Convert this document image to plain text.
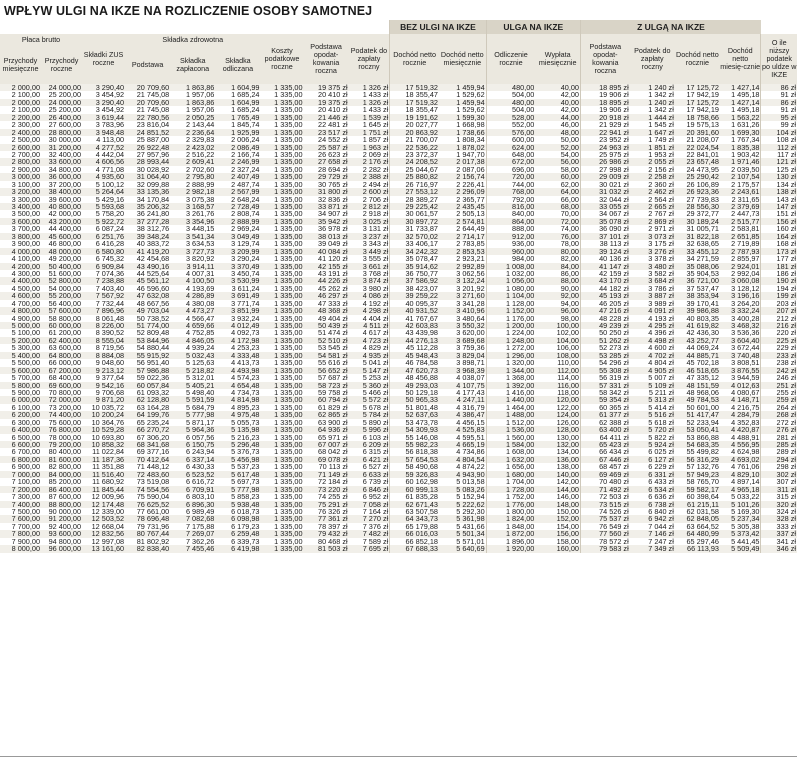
WPŁYW ULGI NA IKZE NA ROZLICZENIE OSOBY SAMOTNEJ
									BEZ ULGI NA IKZE		ULGA NA IKZE		Z ULGĄ NA IKZE				
Płaca brutto		Składki ZUS roczne	Składka zdrowotna			Koszty podatkowe roczne	Podstawa opodat-kowania roczna	Podatek do zapłaty roczny	Dochód netto rocznie	Dochód netto miesięcznie	Odliczenie rocznie	Wypłata miesięcznie	Podstawa opodat-kowania roczna	Podatek do zapłaty roczny	Dochód netto rocznie	Dochód netto miesię-cznie	O ile niższy podatek po uldze w IKZE
Przychody miesięczne	Przychody roczne		Podstawa	Składka zapłacona	Składka odliczana												
2 000,00	24 000,00	3 290,40	20 709,60	1 863,86	1 604,99	1 335,00	19 375 zł	1 326 zł	17 519,32	1 459,94	480,00	40,00	18 895 zł	1 240 zł	17 125,72	1 427,14	86 zł
2 100,00	25 200,00	3 454,92	21 745,08	1 957,06	1 685,24	1 335,00	20 410 zł	1 433 zł	18 355,47	1 529,62	504,00	42,00	19 906 zł	1 342 zł	17 942,19	1 495,18	91 zł
2 000,00	24 000,00	3 290,40	20 709,60	1 863,86	1 604,99	1 335,00	19 375 zł	1 326 zł	17 519,32	1 459,94	480,00	40,00	18 895 zł	1 240 zł	17 125,72	1 427,14	86 zł
2 100,00	25 200,00	3 454,92	21 745,08	1 957,06	1 685,24	1 335,00	20 410 zł	1 433 zł	18 355,47	1 529,62	504,00	42,00	19 906 zł	1 342 zł	17 942,19	1 495,18	91 zł
2 200,00	26 400,00	3 619,44	22 780,56	2 050,25	1 765,49	1 335,00	21 446 zł	1 539 zł	19 191,62	1 599,30	528,00	44,00	20 918 zł	1 444 zł	18 758,66	1 563,22	95 zł
2 300,00	27 600,00	3 783,96	23 816,04	2 143,44	1 845,74	1 335,00	22 481 zł	1 645 zł	20 027,77	1 668,98	552,00	46,00	21 929 zł	1 545 zł	19 575,13	1 631,26	99 zł
2 400,00	28 800,00	3 948,48	24 851,52	2 236,64	1 925,99	1 335,00	23 517 zł	1 751 zł	20 863,92	1 738,66	576,00	48,00	22 941 zł	1 647 zł	20 391,60	1 699,30	104 zł
2 500,00	30 000,00	4 113,00	25 887,00	2 329,83	2 006,24	1 335,00	24 552 zł	1 857 zł	21 700,07	1 808,34	600,00	50,00	23 952 zł	1 749 zł	21 208,07	1 767,34	108 zł
2 600,00	31 200,00	4 277,52	26 922,48	2 423,02	2 086,49	1 335,00	25 587 zł	1 963 zł	22 536,22	1 878,02	624,00	52,00	24 963 zł	1 851 zł	22 024,54	1 835,38	112 zł
2 700,00	32 400,00	4 442,04	27 957,96	2 516,22	2 166,74	1 335,00	26 623 zł	2 069 zł	23 372,37	1 947,70	648,00	54,00	25 975 zł	1 953 zł	22 841,01	1 903,42	117 zł
2 800,00	33 600,00	4 606,56	28 993,44	2 609,41	2 246,99	1 335,00	27 658 zł	2 176 zł	24 208,52	2 017,38	672,00	56,00	26 986 zł	2 055 zł	23 657,48	1 971,46	121 zł
2 900,00	34 800,00	4 771,08	30 028,92	2 702,60	2 327,24	1 335,00	28 694 zł	2 282 zł	25 044,67	2 087,06	696,00	58,00	27 998 zł	2 156 zł	24 473,95	2 039,50	125 zł
3 000,00	36 000,00	4 935,60	31 064,40	2 795,80	2 407,49	1 335,00	29 729 zł	2 388 zł	25 880,82	2 156,74	720,00	60,00	29 009 zł	2 258 zł	25 290,42	2 107,54	130 zł
3 100,00	37 200,00	5 100,12	32 099,88	2 888,99	2 487,74	1 335,00	30 765 zł	2 494 zł	26 716,97	2 226,41	744,00	62,00	30 021 zł	2 360 zł	26 106,89	2 175,57	134 zł
3 200,00	38 400,00	5 264,64	33 135,36	2 982,18	2 567,99	1 335,00	31 800 zł	2 600 zł	27 553,12	2 296,09	768,00	64,00	31 032 zł	2 462 zł	26 923,36	2 243,61	138 zł
3 300,00	39 600,00	5 429,16	34 170,84	3 075,38	2 648,24	1 335,00	32 836 zł	2 706 zł	28 389,27	2 365,77	792,00	66,00	32 044 zł	2 564 zł	27 739,83	2 311,65	143 zł
3 400,00	40 800,00	5 593,68	35 206,32	3 168,57	2 728,49	1 335,00	33 871 zł	2 812 zł	29 225,42	2 435,45	816,00	68,00	33 055 zł	2 665 zł	28 556,30	2 379,69	147 zł
3 500,00	42 000,00	5 758,20	36 241,80	3 261,76	2 808,74	1 335,00	34 907 zł	2 918 zł	30 061,57	2 505,13	840,00	70,00	34 067 zł	2 767 zł	29 372,77	2 447,73	151 zł
3 600,00	43 200,00	5 922,72	37 277,28	3 354,96	2 888,99	1 335,00	35 942 zł	3 025 zł	30 897,72	2 574,81	864,00	72,00	35 078 zł	2 869 zł	30 189,24	2 515,77	156 zł
3 700,00	44 400,00	6 087,24	38 312,76	3 448,15	2 969,24	1 335,00	36 978 zł	3 131 zł	31 733,87	2 644,49	888,00	74,00	36 090 zł	2 971 zł	31 005,71	2 583,81	160 zł
3 800,00	45 600,00	6 251,76	39 348,24	3 541,34	3 049,49	1 335,00	38 013 zł	3 237 zł	32 570,02	2 714,17	912,00	76,00	37 101 zł	3 073 zł	31 822,18	2 651,85	164 zł
3 900,00	46 800,00	6 416,28	40 383,72	3 634,53	3 129,74	1 335,00	39 049 zł	3 343 zł	33 406,17	2 783,85	936,00	78,00	38 113 zł	3 175 zł	32 638,65	2 719,89	168 zł
4 000,00	48 000,00	6 580,80	41 419,20	3 727,73	3 209,99	1 335,00	40 084 zł	3 449 zł	34 242,32	2 853,53	960,00	80,00	39 124 zł	3 276 zł	33 455,12	2 787,93	173 zł
4 100,00	49 200,00	6 745,32	42 454,68	3 820,92	3 290,24	1 335,00	41 120 zł	3 555 zł	35 078,47	2 923,21	984,00	82,00	40 136 zł	3 378 zł	34 271,59	2 855,97	177 zł
4 200,00	50 400,00	6 909,84	43 490,16	3 914,11	3 370,49	1 335,00	42 155 zł	3 661 zł	35 914,62	2 992,89	1 008,00	84,00	41 147 zł	3 480 zł	35 088,06	2 924,01	181 zł
4 300,00	51 600,00	7 074,36	44 525,64	4 007,31	3 450,74	1 335,00	43 191 zł	3 768 zł	36 750,77	3 062,56	1 032,00	86,00	42 159 zł	3 582 zł	35 904,53	2 992,04	186 zł
4 400,00	52 800,00	7 238,88	45 561,12	4 100,50	3 530,99	1 335,00	44 226 zł	3 874 zł	37 586,92	3 132,24	1 056,00	88,00	43 170 zł	3 684 zł	36 721,00	3 060,08	190 zł
4 500,00	54 000,00	7 403,40	46 596,60	4 193,69	3 611,24	1 335,00	45 262 zł	3 980 zł	38 423,07	3 201,92	1 080,00	90,00	44 182 zł	3 786 zł	37 537,47	3 128,12	194 zł
4 600,00	55 200,00	7 567,92	47 632,08	4 286,89	3 691,49	1 335,00	46 297 zł	4 086 zł	39 259,22	3 271,60	1 104,00	92,00	45 193 zł	3 887 zł	38 353,94	3 196,16	199 zł
4 700,00	56 400,00	7 732,44	48 667,56	4 380,08	3 771,74	1 335,00	47 333 zł	4 192 zł	40 095,37	3 341,28	1 128,00	94,00	46 205 zł	3 989 zł	39 170,41	3 264,20	203 zł
4 800,00	57 600,00	7 896,96	49 703,04	4 473,27	3 851,99	1 335,00	48 368 zł	4 298 zł	40 931,52	3 410,96	1 152,00	96,00	47 216 zł	4 091 zł	39 986,88	3 332,24	207 zł
4 900,00	58 800,00	8 061,48	50 738,52	4 566,47	3 932,24	1 335,00	49 404 zł	4 404 zł	41 767,67	3 480,64	1 176,00	98,00	48 228 zł	4 193 zł	40 803,35	3 400,28	212 zł
5 000,00	60 000,00	8 226,00	51 774,00	4 659,66	4 012,49	1 335,00	50 439 zł	4 511 zł	42 603,83	3 550,32	1 200,00	100,00	49 239 zł	4 295 zł	41 619,82	3 468,32	216 zł
5 100,00	61 200,00	8 390,52	52 809,48	4 752,85	4 092,73	1 335,00	51 474 zł	4 617 zł	43 439,98	3 620,00	1 224,00	102,00	50 250 zł	4 396 zł	42 436,30	3 536,36	220 zł
5 200,00	62 400,00	8 555,04	53 844,96	4 846,05	4 172,98	1 335,00	52 510 zł	4 723 zł	44 276,13	3 689,68	1 248,00	104,00	51 262 zł	4 498 zł	43 252,77	3 604,40	225 zł
5 300,00	63 600,00	8 719,56	54 880,44	4 939,24	4 253,23	1 335,00	53 545 zł	4 829 zł	45 112,28	3 759,36	1 272,00	106,00	52 273 zł	4 600 zł	44 069,24	3 672,44	229 zł
5 400,00	64 800,00	8 884,08	55 915,92	5 032,43	4 333,48	1 335,00	54 581 zł	4 935 zł	45 948,43	3 829,04	1 296,00	108,00	53 285 zł	4 702 zł	44 885,71	3 740,48	233 zł
5 500,00	66 000,00	9 048,60	56 951,40	5 125,63	4 413,73	1 335,00	55 616 zł	5 041 zł	46 784,58	3 898,71	1 320,00	110,00	54 296 zł	4 804 zł	45 702,18	3 808,51	238 zł
5 600,00	67 200,00	9 213,12	57 986,88	5 218,82	4 493,98	1 335,00	56 652 zł	5 147 zł	47 620,73	3 968,39	1 344,00	112,00	55 308 zł	4 905 zł	46 518,65	3 876,55	242 zł
5 700,00	68 400,00	9 377,64	59 022,36	5 312,01	4 574,23	1 335,00	57 687 zł	5 253 zł	48 456,88	4 038,07	1 368,00	114,00	56 319 zł	5 007 zł	47 335,12	3 944,59	246 zł
5 800,00	69 600,00	9 542,16	60 057,84	5 405,21	4 654,48	1 335,00	58 723 zł	5 360 zł	49 293,03	4 107,75	1 392,00	116,00	57 331 zł	5 109 zł	48 151,59	4 012,63	251 zł
5 900,00	70 800,00	9 706,68	61 093,32	5 498,40	4 734,73	1 335,00	59 758 zł	5 466 zł	50 129,18	4 177,43	1 416,00	118,00	58 342 zł	5 211 zł	48 968,06	4 080,67	255 zł
6 000,00	72 000,00	9 871,20	62 128,80	5 591,59	4 814,98	1 335,00	60 794 zł	5 572 zł	50 965,33	4 247,11	1 440,00	120,00	59 354 zł	5 313 zł	49 784,53	4 148,71	259 zł
6 100,00	73 200,00	10 035,72	63 164,28	5 684,79	4 895,23	1 335,00	61 829 zł	5 678 zł	51 801,48	4 316,79	1 464,00	122,00	60 365 zł	5 414 zł	50 601,00	4 216,75	264 zł
6 200,00	74 400,00	10 200,24	64 199,76	5 777,98	4 975,48	1 335,00	62 865 zł	5 784 zł	52 637,63	4 386,47	1 488,00	124,00	61 377 zł	5 516 zł	51 417,47	4 284,79	268 zł
6 300,00	75 600,00	10 364,76	65 235,24	5 871,17	5 055,73	1 335,00	63 900 zł	5 890 zł	53 473,78	4 456,15	1 512,00	126,00	62 388 zł	5 618 zł	52 233,94	4 352,83	272 zł
6 400,00	76 800,00	10 529,28	66 270,72	5 964,36	5 135,98	1 335,00	64 936 zł	5 996 zł	54 309,93	4 525,83	1 536,00	128,00	63 400 zł	5 720 zł	53 050,41	4 420,87	276 zł
6 500,00	78 000,00	10 693,80	67 306,20	6 057,56	5 216,23	1 335,00	65 971 zł	6 103 zł	55 146,08	4 595,51	1 560,00	130,00	64 411 zł	5 822 zł	53 866,88	4 488,91	281 zł
6 600,00	79 200,00	10 858,32	68 341,68	6 150,75	5 296,48	1 335,00	67 007 zł	6 209 zł	55 982,23	4 665,19	1 584,00	132,00	65 423 zł	5 924 zł	54 683,35	4 556,95	285 zł
6 700,00	80 400,00	11 022,84	69 377,16	6 243,94	5 376,73	1 335,00	68 042 zł	6 315 zł	56 818,38	4 734,86	1 608,00	134,00	66 434 zł	6 025 zł	55 499,82	4 624,98	289 zł
6 800,00	81 600,00	11 187,36	70 412,64	6 337,14	5 456,98	1 335,00	69 078 zł	6 421 zł	57 654,53	4 804,54	1 632,00	136,00	67 446 zł	6 127 zł	56 316,29	4 693,02	294 zł
6 900,00	82 800,00	11 351,88	71 448,12	6 430,33	5 537,23	1 335,00	70 113 zł	6 527 zł	58 490,68	4 874,22	1 656,00	138,00	68 457 zł	6 229 zł	57 132,76	4 761,06	298 zł
7 000,00	84 000,00	11 516,40	72 483,60	6 523,52	5 617,48	1 335,00	71 149 zł	6 633 zł	59 326,83	4 943,90	1 680,00	140,00	69 469 zł	6 331 zł	57 949,23	4 829,10	302 zł
7 100,00	85 200,00	11 680,92	73 519,08	6 616,72	5 697,73	1 335,00	72 184 zł	6 739 zł	60 162,98	5 013,58	1 704,00	142,00	70 480 zł	6 433 zł	58 765,70	4 897,14	307 zł
7 200,00	86 400,00	11 845,44	74 554,56	6 709,91	5 777,98	1 335,00	73 220 zł	6 846 zł	60 999,13	5 083,26	1 728,00	144,00	71 492 zł	6 534 zł	59 582,17	4 965,18	311 zł
7 300,00	87 600,00	12 009,96	75 590,04	6 803,10	5 858,23	1 335,00	74 255 zł	6 952 zł	61 835,28	5 152,94	1 752,00	146,00	72 503 zł	6 636 zł	60 398,64	5 033,22	315 zł
7 400,00	88 800,00	12 174,48	76 625,52	6 896,30	5 938,48	1 335,00	75 291 zł	7 058 zł	62 671,43	5 222,62	1 776,00	148,00	73 515 zł	6 738 zł	61 215,11	5 101,26	320 zł
7 500,00	90 000,00	12 339,00	77 661,00	6 989,49	6 018,73	1 335,00	76 326 zł	7 164 zł	63 507,58	5 292,30	1 800,00	150,00	74 526 zł	6 840 zł	62 031,58	5 169,30	324 zł
7 600,00	91 200,00	12 503,52	78 696,48	7 082,68	6 098,98	1 335,00	77 361 zł	7 270 zł	64 343,73	5 361,98	1 824,00	152,00	75 537 zł	6 942 zł	62 848,05	5 237,34	328 zł
7 700,00	92 400,00	12 668,04	79 731,96	7 175,88	6 179,23	1 335,00	78 397 zł	7 376 zł	65 179,88	5 431,66	1 848,00	154,00	76 549 zł	7 044 zł	63 664,52	5 305,38	333 zł
7 800,00	93 600,00	12 832,56	80 767,44	7 269,07	6 259,48	1 335,00	79 432 zł	7 482 zł	66 016,03	5 501,34	1 872,00	156,00	77 560 zł	7 146 zł	64 480,99	5 373,42	337 zł
7 900,00	94 800,00	12 997,08	81 802,92	7 362,26	6 339,73	1 335,00	80 468 zł	7 589 zł	66 852,18	5 571,01	1 896,00	158,00	78 572 zł	7 247 zł	65 297,46	5 441,45	341 zł
8 000,00	96 000,00	13 161,60	82 838,40	7 455,46	6 419,98	1 335,00	81 503 zł	7 695 zł	67 688,33	5 640,69	1 920,00	160,00	79 583 zł	7 349 zł	66 113,93	5 509,49	346 zł
